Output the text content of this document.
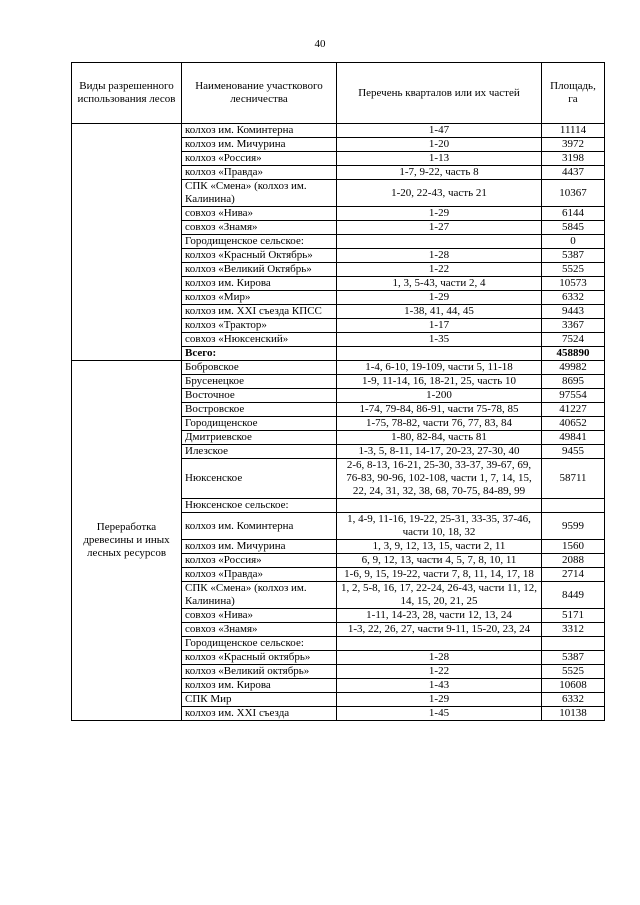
40
Виды разрешенного использования лесов	Наименование участкового лесничества	Перечень кварталов или их частей	Площадь, га
	колхоз им. Коминтерна	1-47	11114
	колхоз им. Мичурина	1-20	3972
	колхоз «Россия»	1-13	3198
	колхоз «Правда»	1-7, 9-22, часть 8	4437
	СПК «Смена» (колхоз им. Калинина)	1-20, 22-43, часть 21	10367
	совхоз «Нива»	1-29	6144
	совхоз «Знамя»	1-27	5845
	Городищенское сельское:		0
	колхоз «Красный Октябрь»	1-28	5387
	колхоз «Великий Октябрь»	1-22	5525
	колхоз им. Кирова	1, 3, 5-43, части 2, 4	10573
	колхоз «Мир»	1-29	6332
	колхоз им. XXI съезда КПСС	1-38, 41, 44, 45	9443
	колхоз «Трактор»	1-17	3367
	совхоз «Нюксенский»	1-35	7524
	Всего:		458890
Переработка древесины и иных лесных ресурсов	Бобровское	1-4, 6-10, 19-109, части 5, 11-18	49982
	Брусенецкое	1-9, 11-14, 16, 18-21, 25, часть 10	8695
	Восточное	1-200	97554
	Востровское	1-74, 79-84, 86-91, части 75-78, 85	41227
	Городищенское	1-75, 78-82, части 76, 77, 83, 84	40652
	Дмитриевское	1-80, 82-84, часть 81	49841
	Илезское	1-3, 5, 8-11, 14-17, 20-23, 27-30, 40	9455
	Нюксенское	2-6, 8-13, 16-21, 25-30, 33-37, 39-67, 69, 76-83, 90-96, 102-108, части 1, 7, 14, 15, 22, 24, 31, 32, 38, 68, 70-75, 84-89, 99	58711
	Нюксенское сельское:		
	колхоз им. Коминтерна	1, 4-9, 11-16, 19-22, 25-31, 33-35, 37-46, части 10, 18, 32	9599
	колхоз им. Мичурина	1, 3, 9, 12, 13, 15, части 2, 11	1560
	колхоз «Россия»	6, 9, 12, 13, части 4, 5, 7, 8, 10, 11	2088
	колхоз «Правда»	1-6, 9, 15, 19-22, части 7, 8, 11, 14, 17, 18	2714
	СПК «Смена» (колхоз им. Калинина)	1, 2, 5-8, 16, 17, 22-24, 26-43, части 11, 12, 14, 15, 20, 21, 25	8449
	совхоз «Нива»	1-11, 14-23, 28, части 12, 13, 24	5171
	совхоз «Знамя»	1-3, 22, 26, 27, части 9-11, 15-20, 23, 24	3312
	Городищенское сельское:		
	колхоз «Красный октябрь»	1-28	5387
	колхоз «Великий октябрь»	1-22	5525
	колхоз им. Кирова	1-43	10608
	СПК Мир	1-29	6332
	колхоз им. XXI съезда	1-45	10138
